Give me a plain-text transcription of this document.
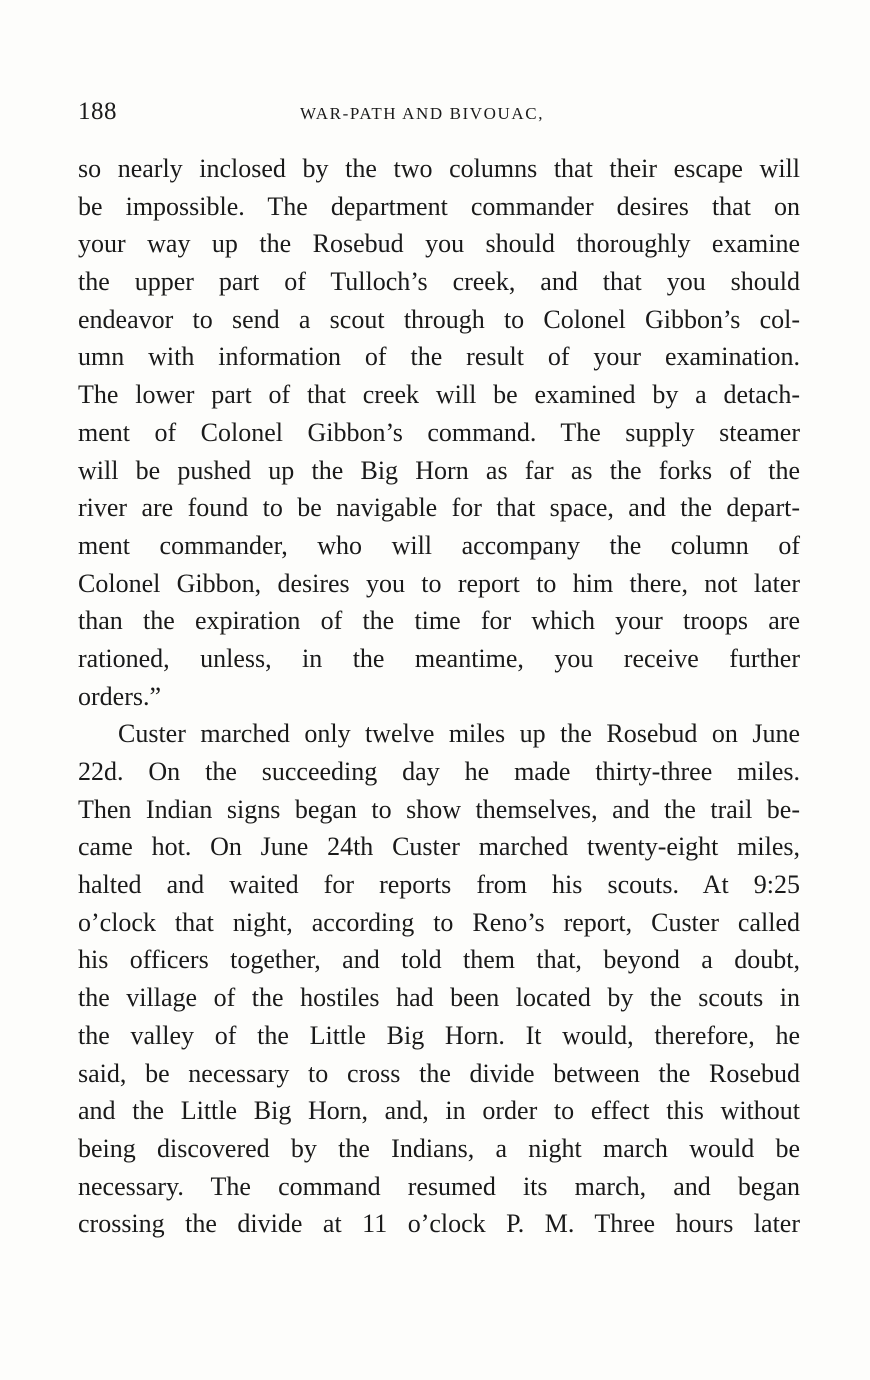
188	WAR-PATH AND BIVOUAC,
so nearly inclosed by the two columns that their escape will
be impossible. The department commander desires that on
your way up the Rosebud you should thoroughly examine
the upper part of Tulloch’s creek, and that you should
endeavor to send a scout through to Colonel Gibbon’s col-
umn with information of the result of your examination.
The lower part of that creek will be examined by a detach-
ment of Colonel Gibbon’s command. The supply steamer
will be pushed up the Big Horn as far as the forks of the
river are found to be navigable for that space, and the depart-
ment commander, who will accompany the column of
Colonel Gibbon, desires you to report to him there, not later
than the expiration of the time for which your troops are
rationed, unless, in the meantime, you receive further
orders.”
Custer marched only twelve miles up the Rosebud on June
22d. On the succeeding day he made thirty-three miles.
Then Indian signs began to show themselves, and the trail be-
came hot. On June 24th Custer marched twenty-eight miles,
halted and waited for reports from his scouts. At 9:25
o’clock that night, according to Reno’s report, Custer called
his officers together, and told them that, beyond a doubt,
the village of the hostiles had been located by the scouts in
the valley of the Little Big Horn. It would, therefore, he
said, be necessary to cross the divide between the Rosebud
and the Little Big Horn, and, in order to effect this without
being discovered by the Indians, a night march would be
necessary. The command resumed its march, and began
crossing the divide at 11 o’clock P. M. Three hours later
